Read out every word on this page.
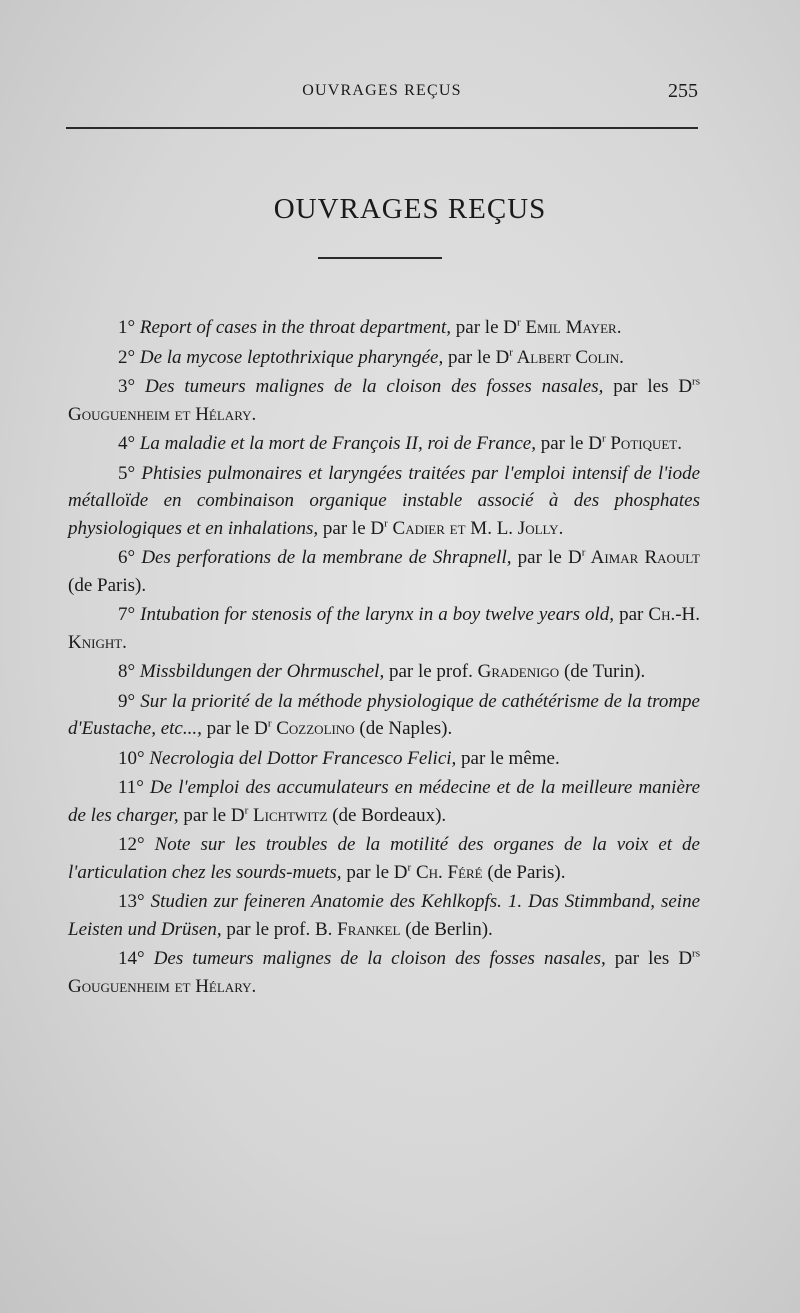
OUVRAGES REÇUS	255
OUVRAGES REÇUS

1° Report of cases in the throat department, par le $D^r$ Emil Mayer.

2° De la mycose leptothrixique pharyngée, par le $D^r$ Albert Colin.

3° Des tumeurs malignes de la cloison des fosses nasales, par les $D^{rs}$ Gouguenheim et Hélary.

4° La maladie et la mort de François II, roi de France, par le $D^r$ Potiquet.

5° Phtisies pulmonaires et laryngées traitées par l'emploi intensif de l'iode métalloïde en combinaison organique instable associé à des phosphates physiologiques et en inhalations, par le $D^r$ Cadier et M. L. Jolly.

6° Des perforations de la membrane de Shrapnell, par le $D^r$ Aimar Raoult (de Paris).

7° Intubation for stenosis of the larynx in a boy twelve years old, par Ch.-H. Knight.

8° Missbildungen der Ohrmuschel, par le prof. Gradenigo (de Turin).

9° Sur la priorité de la méthode physiologique de cathétérisme de la trompe d'Eustache, etc..., par le $D^r$ Cozzolino (de Naples).

10° Necrologia del Dottor Francesco Felici, par le même.

11° De l'emploi des accumulateurs en médecine et de la meilleure manière de les charger, par le $D^r$ Lichtwitz (de Bordeaux).

12° Note sur les troubles de la motilité des organes de la voix et de l'articulation chez les sourds-muets, par le $D^r$ Ch. Féré (de Paris).

13° Studien zur feineren Anatomie des Kehlkopfs. 1. Das Stimmband, seine Leisten und Drüsen, par le prof. B. Frankel (de Berlin).

14° Des tumeurs malignes de la cloison des fosses nasales, par les $D^{rs}$ Gouguenheim et Hélary.
